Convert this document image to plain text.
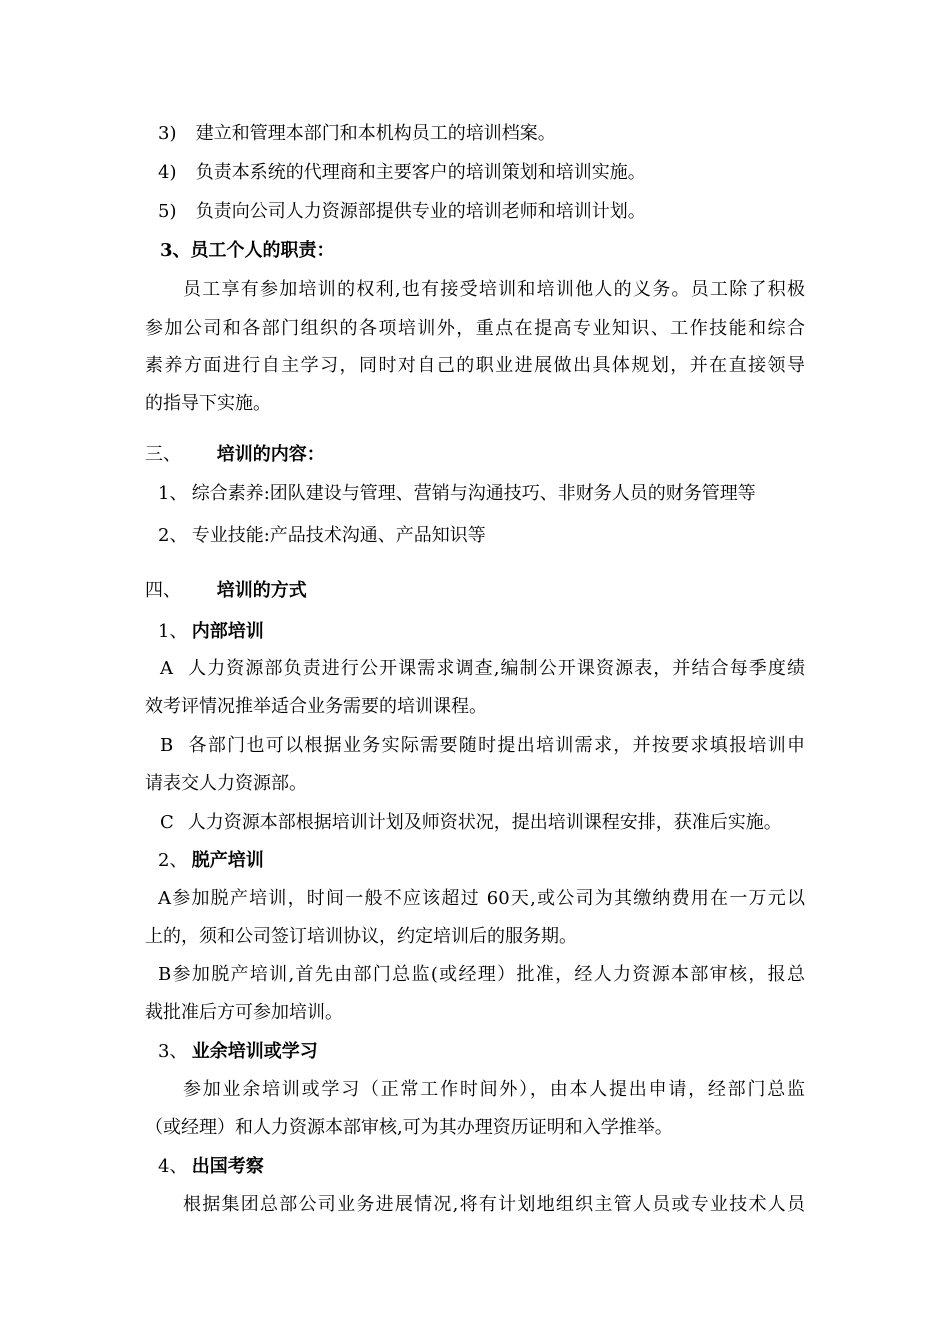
3) 建立和管理本部门和本机构员工的培训档案。
4) 负责本系统的代理商和主要客户的培训策划和培训实施。
5) 负责向公司人力资源部提供专业的培训老师和培训计划。
3、员工个人的职责：
员工享有参加培训的权利,也有接受培训和培训他人的义务。员工除了积极
参加公司和各部门组织的各项培训外，重点在提高专业知识、工作技能和综合
素养方面进行自主学习，同时对自己的职业进展做出具体规划，并在直接领导
的指导下实施。
三、 培训的内容：
1、 综合素养:团队建设与管理、营销与沟通技巧、非财务人员的财务管理等
2、 专业技能:产品技术沟通、产品知识等
四、 培训的方式
1、 内部培训
A 人力资源部负责进行公开课需求调查,编制公开课资源表，并结合每季度绩
效考评情况推举适合业务需要的培训课程。
B 各部门也可以根据业务实际需要随时提出培训需求，并按要求填报培训申
请表交人力资源部。
C 人力资源本部根据培训计划及师资状况，提出培训课程安排，获准后实施。
2、 脱产培训
A参加脱产培训，时间一般不应该超过 60天,或公司为其缴纳费用在一万元以
上的，须和公司签订培训协议，约定培训后的服务期。
B参加脱产培训,首先由部门总监(或经理）批准，经人力资源本部审核，报总
裁批准后方可参加培训。
3、 业余培训或学习
参加业余培训或学习（正常工作时间外），由本人提出申请，经部门总监
（或经理）和人力资源本部审核,可为其办理资历证明和入学推举。
4、 出国考察
根据集团总部公司业务进展情况,将有计划地组织主管人员或专业技术人员
